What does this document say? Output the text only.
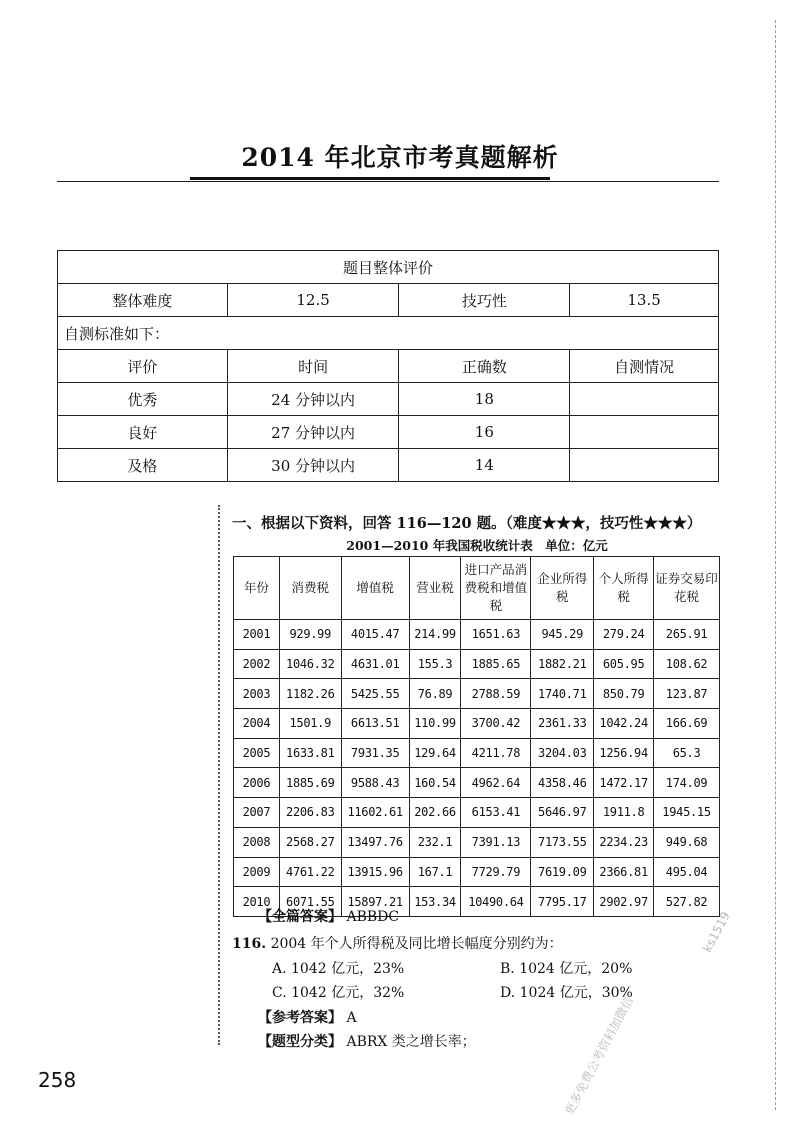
2014 年北京市考真题解析
题目整体评价			
整体难度	12.5	技巧性	13.5
自测标准如下：			
评价	时间	正确数	自测情况
优秀	24 分钟以内	18	
良好	27 分钟以内	16	
及格	30 分钟以内	14	
一、根据以下资料，回答 116—120 题。（难度★★★，技巧性★★★）
2001—2010 年我国税收统计表　单位：亿元
年份	消费税	增值税	营业税	进口产品消费税和增值税	企业所得税	个人所得税	证券交易印花税
2001	929.99	4015.47	214.99	1651.63	945.29	279.24	265.91
2002	1046.32	4631.01	155.3	1885.65	1882.21	605.95	108.62
2003	1182.26	5425.55	76.89	2788.59	1740.71	850.79	123.87
2004	1501.9	6613.51	110.99	3700.42	2361.33	1042.24	166.69
2005	1633.81	7931.35	129.64	4211.78	3204.03	1256.94	65.3
2006	1885.69	9588.43	160.54	4962.64	4358.46	1472.17	174.09
2007	2206.83	11602.61	202.66	6153.41	5646.97	1911.8	1945.15
2008	2568.27	13497.76	232.1	7391.13	7173.55	2234.23	949.68
2009	4761.22	13915.96	167.1	7729.79	7619.09	2366.81	495.04
2010	6071.55	15897.21	153.34	10490.64	7795.17	2902.97	527.82
【全篇答案】 ABBDC
116. 2004 年个人所得税及同比增长幅度分别约为：
A. 1042 亿元，23%	B. 1024 亿元，20%
C. 1042 亿元，32%	D. 1024 亿元，30%
【参考答案】 A
【题型分类】 ABRX 类之增长率；
258
ks1519
更多免费公考资料加微信
